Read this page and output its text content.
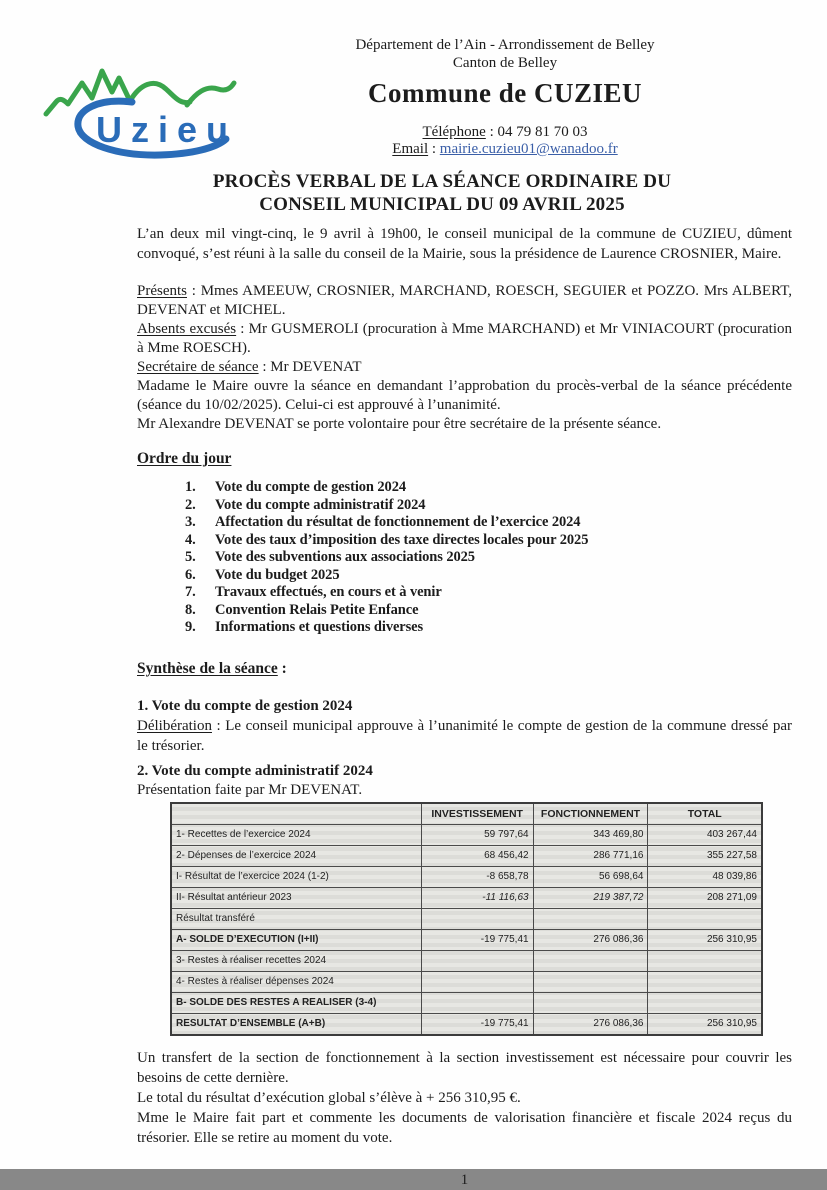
Uzieu
Département de l’Ain - Arrondissement de Belley
Canton de Belley
Commune de CUZIEU
Téléphone : 04 79 81 70 03
Email : mairie.cuzieu01@wanadoo.fr
PROCÈS VERBAL DE LA SÉANCE ORDINAIRE DU
CONSEIL MUNICIPAL DU 09 AVRIL 2025

L’an deux mil vingt-cinq, le 9 avril à 19h00, le conseil municipal de la commune de CUZIEU, dûment convoqué, s’est réuni à la salle du conseil de la Mairie, sous la présidence de Laurence CROSNIER, Maire.

Présents : Mmes AMEEUW, CROSNIER, MARCHAND, ROESCH, SEGUIER et POZZO. Mrs ALBERT, DEVENAT et MICHEL.

Absents excusés : Mr GUSMEROLI (procuration à Mme MARCHAND) et Mr VINIACOURT (procuration à Mme ROESCH).

Secrétaire de séance : Mr DEVENAT

Madame le Maire ouvre la séance en demandant l’approbation du procès-verbal de la séance précédente (séance du 10/02/2025). Celui-ci est approuvé à l’unanimité.

Mr Alexandre DEVENAT se porte volontaire pour être secrétaire de la présente séance.

Ordre du jour

1. Vote du compte de gestion 2024
2. Vote du compte administratif 2024
3. Affectation du résultat de fonctionnement de l’exercice 2024
4. Vote des taux d’imposition des taxe directes locales pour 2025
5. Vote des subventions aux associations 2025
6. Vote du budget 2025
7. Travaux effectués, en cours et à venir
8. Convention Relais Petite Enfance
9. Informations et questions diverses

Synthèse de la séance :

1. Vote du compte de gestion 2024

Délibération : Le conseil municipal approuve à l’unanimité le compte de gestion de la commune dressé par le trésorier.

2. Vote du compte administratif 2024

Présentation faite par Mr DEVENAT.

	INVESTISSEMENT	FONCTIONNEMENT	TOTAL
1- Recettes de l’exercice 2024	59 797,64	343 469,80	403 267,44
2- Dépenses de l’exercice 2024	68 456,42	286 771,16	355 227,58
I- Résultat de l’exercice 2024 (1-2)	-8 658,78	56 698,64	48 039,86
II- Résultat antérieur 2023	-11 116,63	219 387,72	208 271,09
Résultat transféré			
A- SOLDE D’EXECUTION (I+II)	-19 775,41	276 086,36	256 310,95
3- Restes à réaliser recettes 2024			
4- Restes à réaliser dépenses 2024			
B- SOLDE DES RESTES A REALISER (3-4)			
RESULTAT D’ENSEMBLE (A+B)	-19 775,41	276 086,36	256 310,95

Un transfert de la section de fonctionnement à la section investissement est nécessaire pour couvrir les besoins de cette dernière.

Le total du résultat d’exécution global s’élève à + 256 310,95 €.

Mme le Maire fait part et commente les documents de valorisation financière et fiscale 2024 reçus du trésorier. Elle se retire au moment du vote.

1
